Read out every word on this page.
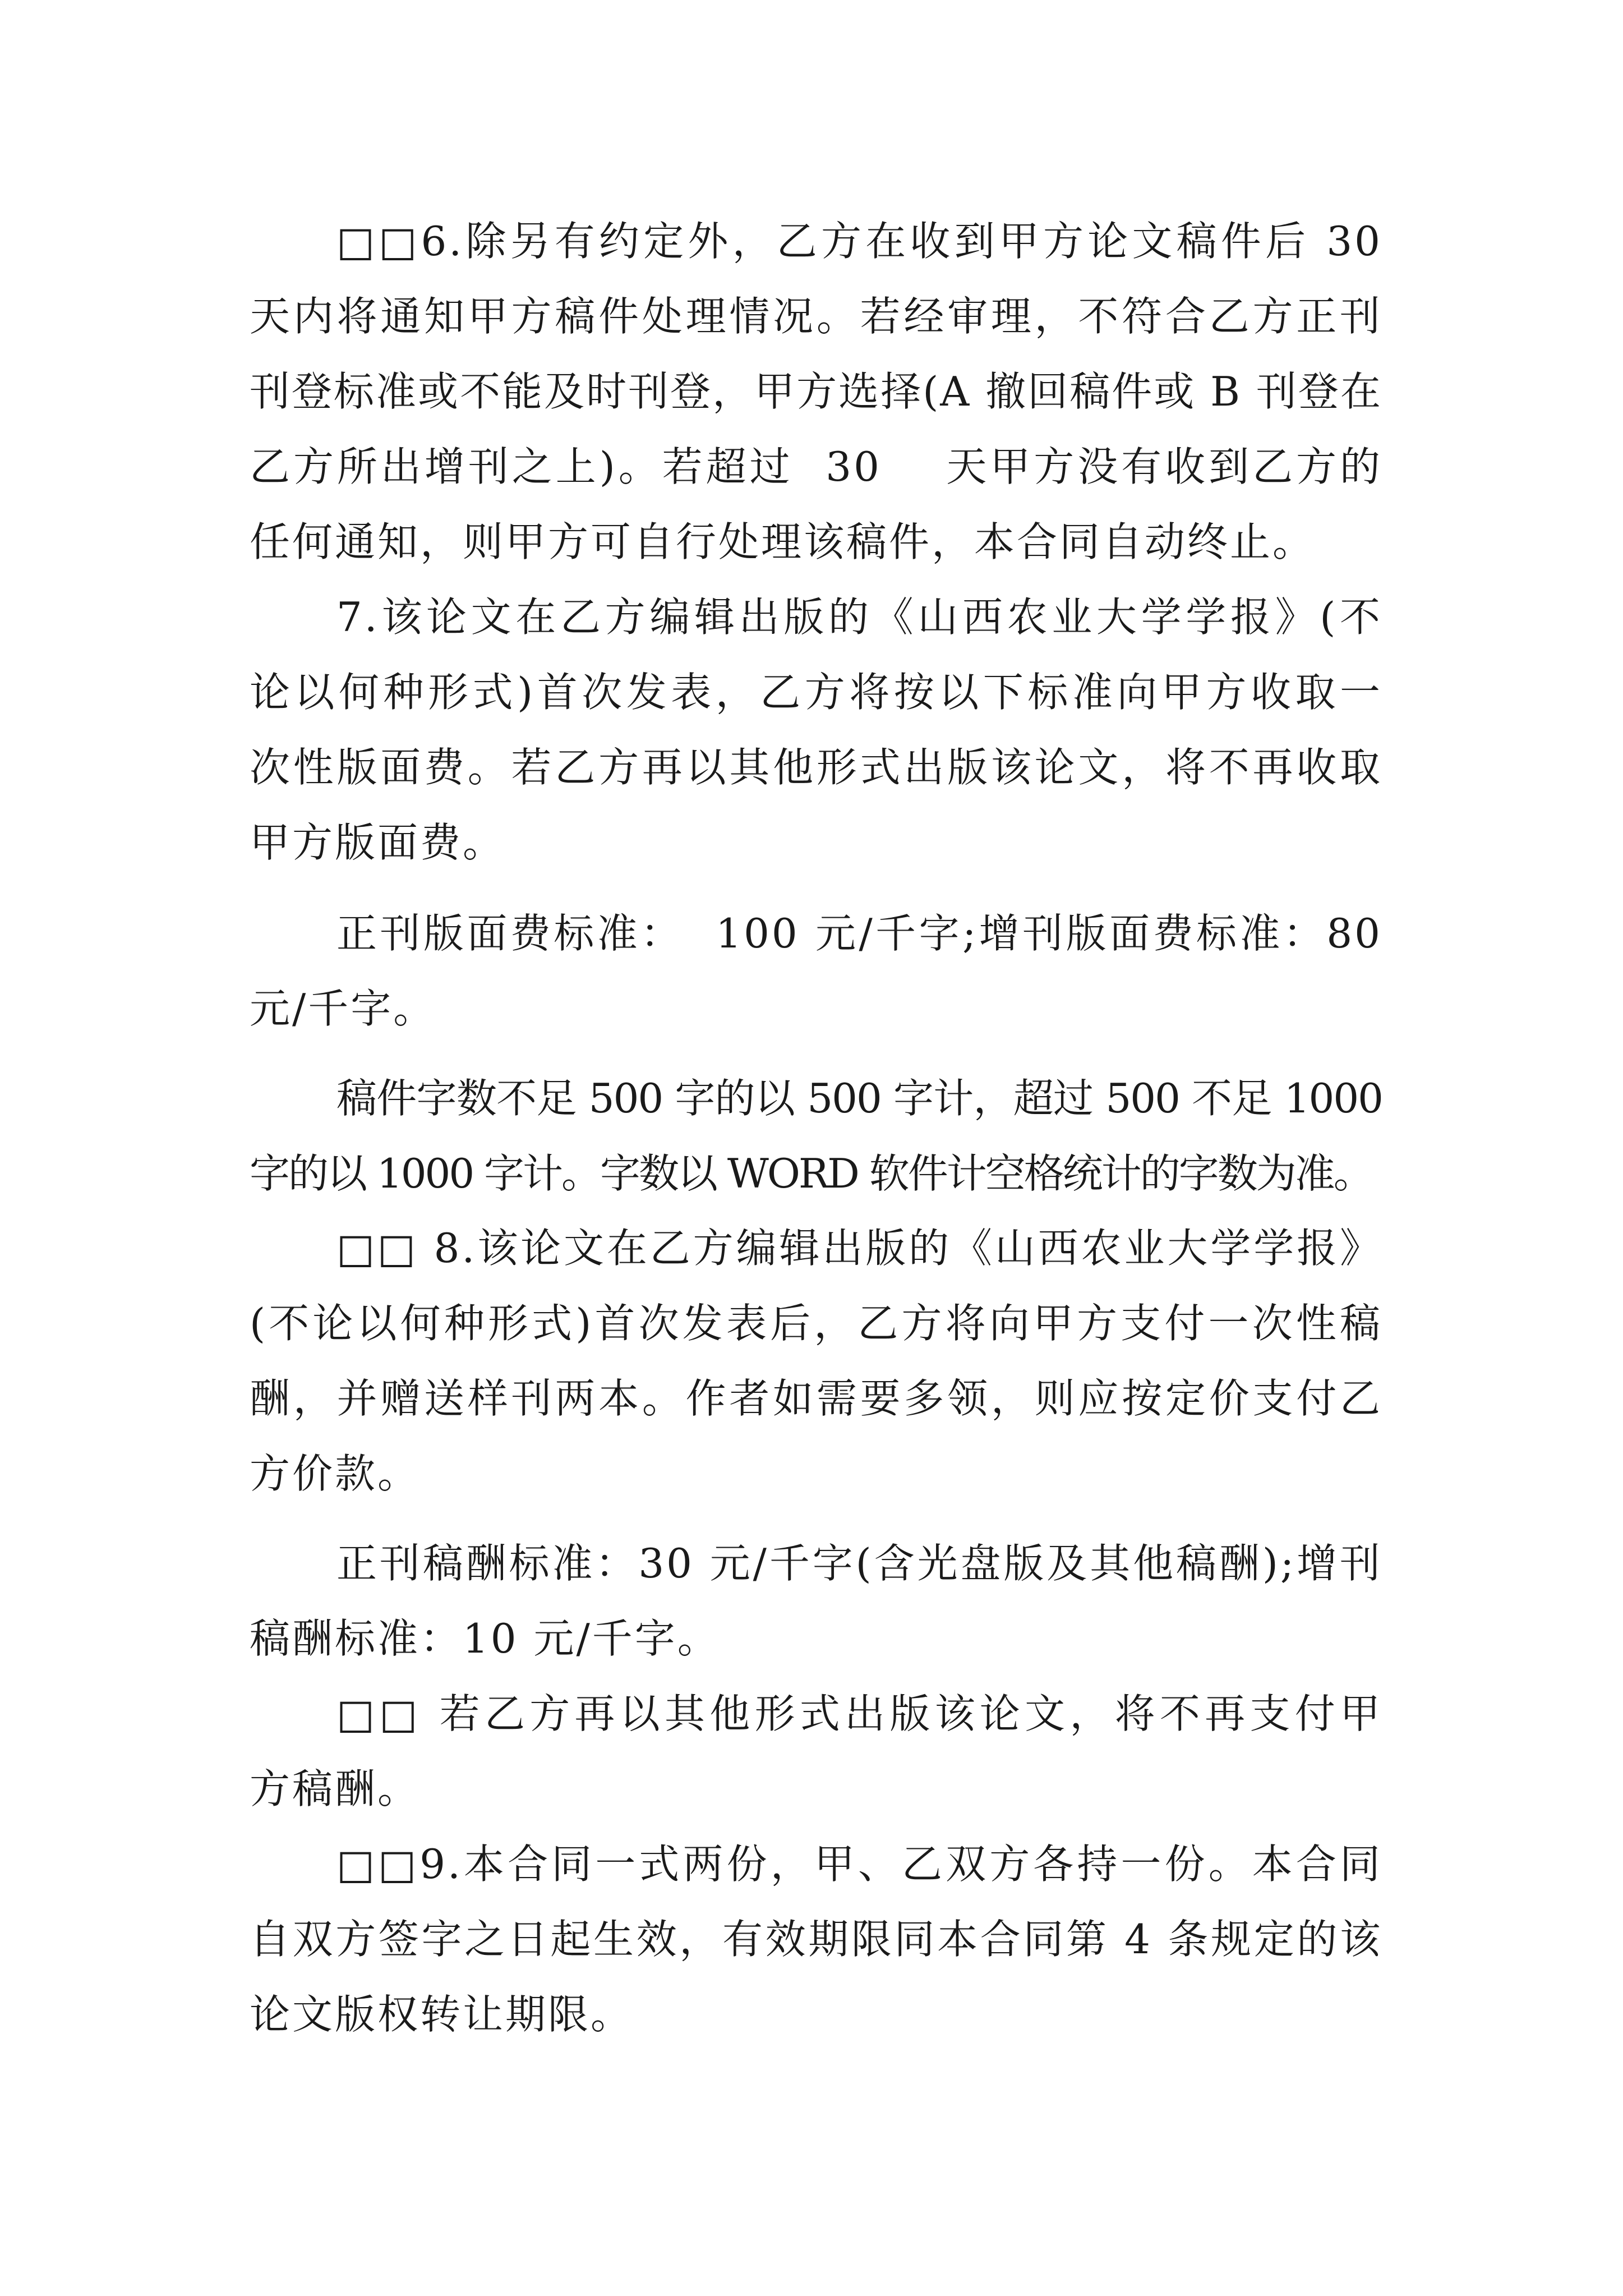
□□6.除另有约定外，乙方在收到甲方论文稿件后 30
天内将通知甲方稿件处理情况。若经审理，不符合乙方正刊
刊登标准或不能及时刊登，甲方选择(A 撤回稿件或 B 刊登在
乙方所出增刊之上)。若超过  30    天甲方没有收到乙方的
任何通知，则甲方可自行处理该稿件，本合同自动终止。
7.该论文在乙方编辑出版的《山西农业大学学报》(不
论以何种形式)首次发表，乙方将按以下标准向甲方收取一
次性版面费。若乙方再以其他形式出版该论文，将不再收取
甲方版面费。
正刊版面费标准：  100 元/千字;增刊版面费标准：80
元/千字。
稿件字数不足 500 字的以 500 字计，超过 500 不足 1000
字的以 1000 字计。字数以 WORD 软件计空格统计的字数为准。
□□ 8.该论文在乙方编辑出版的《山西农业大学学报》
(不论以何种形式)首次发表后，乙方将向甲方支付一次性稿
酬，并赠送样刊两本。作者如需要多领，则应按定价支付乙
方价款。
正刊稿酬标准：30 元/千字(含光盘版及其他稿酬);增刊
稿酬标准：10 元/千字。
□□ 若乙方再以其他形式出版该论文，将不再支付甲
方稿酬。
□□9.本合同一式两份，甲、乙双方各持一份。本合同
自双方签字之日起生效，有效期限同本合同第 4 条规定的该
论文版权转让期限。
